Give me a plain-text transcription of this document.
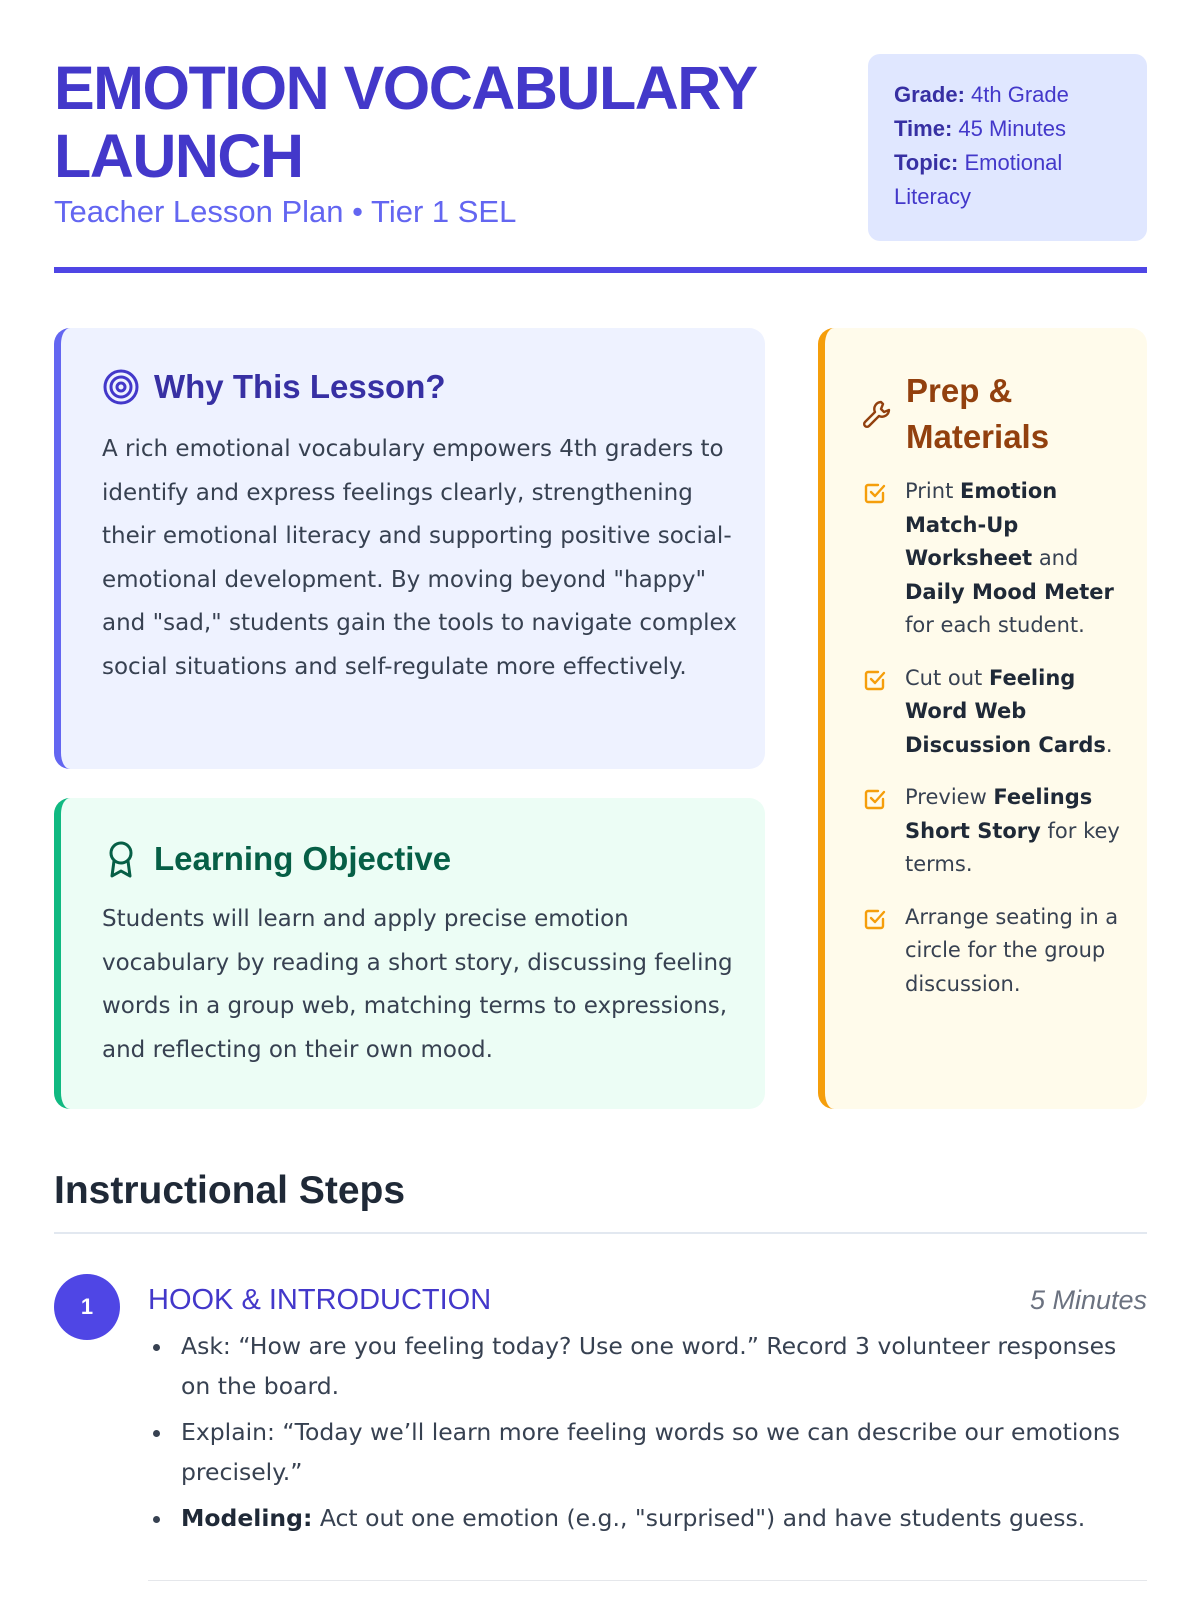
EMOTION VOCABULARY LAUNCH
Teacher Lesson Plan • Tier 1 SEL
Grade: 4th Grade
Time: 45 Minutes
Topic: Emotional Literacy
Why This Lesson?
A rich emotional vocabulary empowers 4th graders to identify and express feelings clearly, strengthening their emotional literacy and supporting positive social-emotional development. By moving beyond "happy" and "sad," students gain the tools to navigate complex social situations and self-regulate more effectively.
Learning Objective
Students will learn and apply precise emotion vocabulary by reading a short story, discussing feeling words in a group web, matching terms to expressions, and reflecting on their own mood.
Prep & Materials
Print Emotion Match-Up Worksheet and Daily Mood Meter for each student.
Cut out Feeling Word Web Discussion Cards.
Preview Feelings Short Story for key terms.
Arrange seating in a circle for the group discussion.
Instructional Steps
1	HOOK & INTRODUCTION	5 Minutes
Ask: “How are you feeling today? Use one word.” Record 3 volunteer responses on the board.
Explain: “Today we’ll learn more feeling words so we can describe our emotions precisely.”
Modeling: Act out one emotion (e.g., "surprised") and have students guess.
